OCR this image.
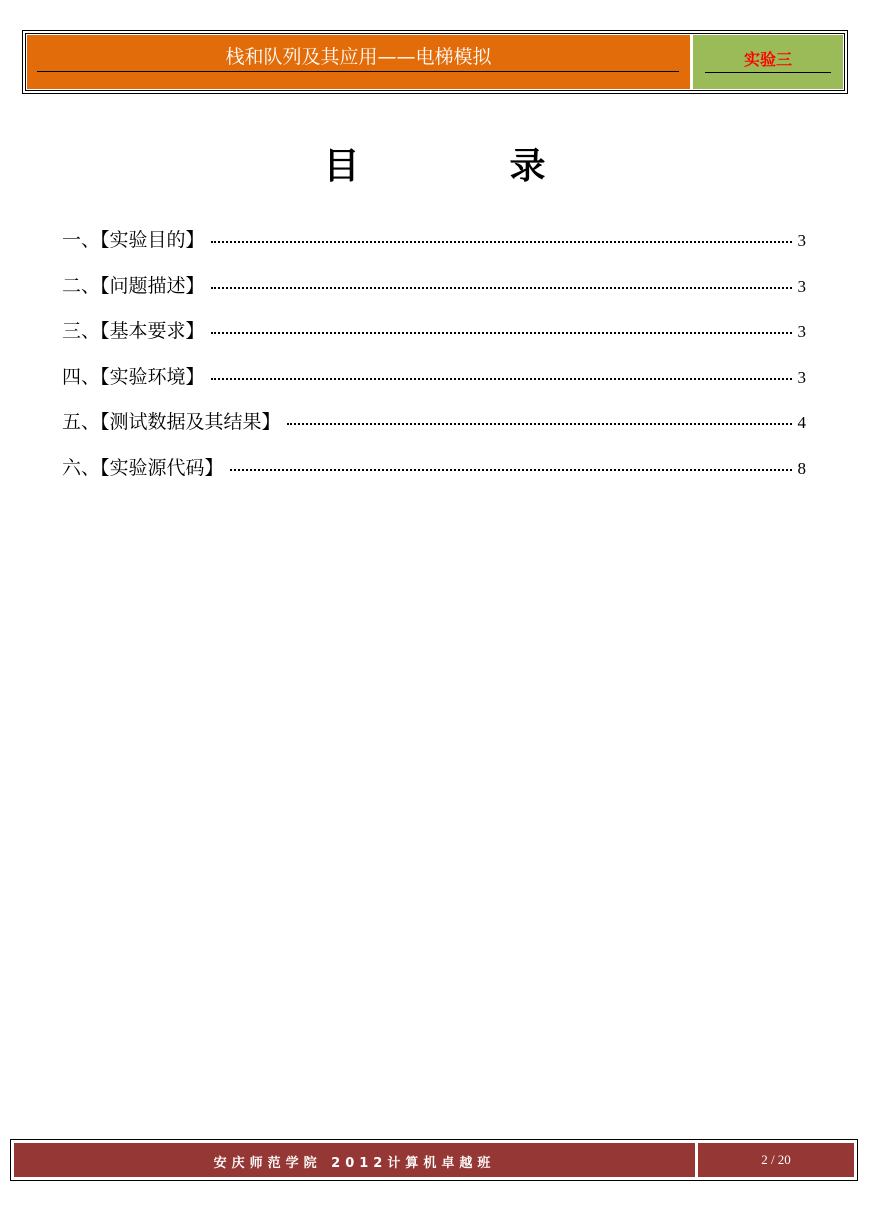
栈和队列及其应用——电梯模拟	实验三
目录
一、【实验目的】	3
二、【问题描述】	3
三、【基本要求】	3
四、【实验环境】	3
五、【测试数据及其结果】	4
六、【实验源代码】	8
安庆师范学院 2012计算机卓越班	2 / 20
